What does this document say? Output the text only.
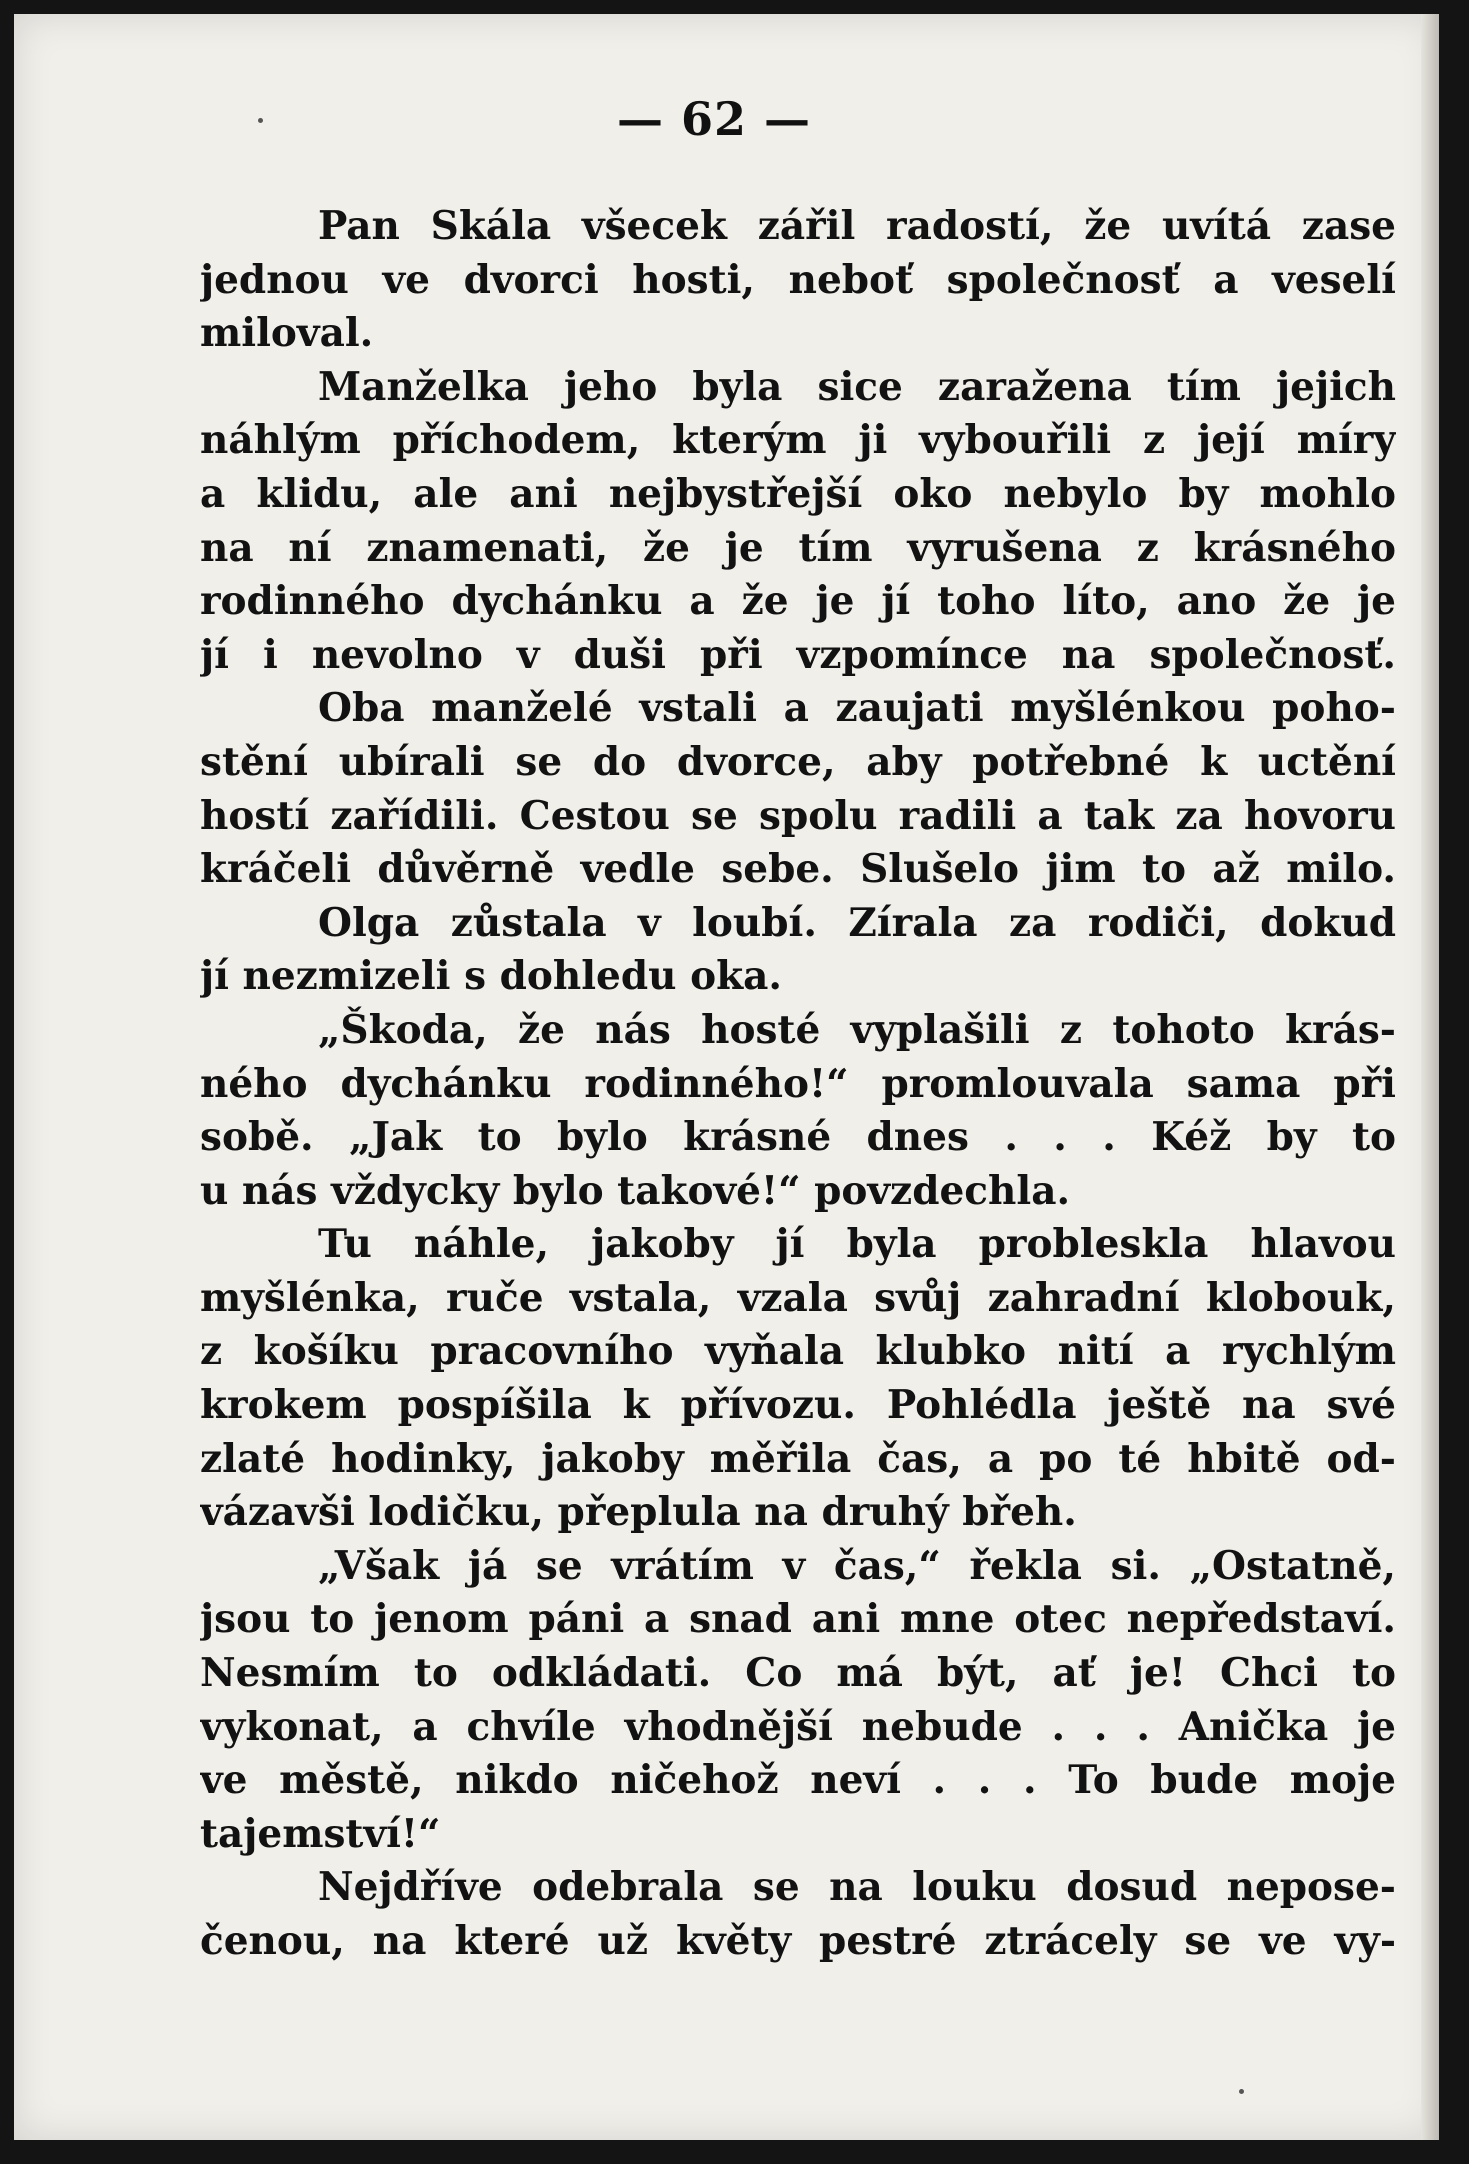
— 62 —
Pan Skála všecek zářil radostí, že uvítá zase
jednou ve dvorci hosti, neboť společnosť a veselí
miloval.
Manželka jeho byla sice zaražena tím jejich
náhlým příchodem, kterým ji vybouřili z její míry
a klidu, ale ani nejbystřejší oko nebylo by mohlo
na ní znamenati, že je tím vyrušena z krásného
rodinného dychánku a že je jí toho líto, ano že je
jí i nevolno v duši při vzpomínce na společnosť.
Oba manželé vstali a zaujati myšlénkou poho-
stění ubírali se do dvorce, aby potřebné k uctění
hostí zařídili. Cestou se spolu radili a tak za hovoru
kráčeli důvěrně vedle sebe. Slušelo jim to až milo.
Olga zůstala v loubí. Zírala za rodiči, dokud
jí nezmizeli s dohledu oka.
„Škoda, že nás hosté vyplašili z tohoto krás-
ného dychánku rodinného!“ promlouvala sama při
sobě. „Jak to bylo krásné dnes . . . Kéž by to
u nás vždycky bylo takové!“ povzdechla.
Tu náhle, jakoby jí byla probleskla hlavou
myšlénka, ruče vstala, vzala svůj zahradní klobouk,
z košíku pracovního vyňala klubko nití a rychlým
krokem pospíšila k přívozu. Pohlédla ještě na své
zlaté hodinky, jakoby měřila čas, a po té hbitě od-
vázavši lodičku, přeplula na druhý břeh.
„Však já se vrátím v čas,“ řekla si. „Ostatně,
jsou to jenom páni a snad ani mne otec nepředstaví.
Nesmím to odkládati. Co má být, ať je! Chci to
vykonat, a chvíle vhodnější nebude . . . Anička je
ve městě, nikdo ničehož neví . . . To bude moje
tajemství!“
Nejdříve odebrala se na louku dosud nepose-
čenou, na které už květy pestré ztrácely se ve vy-
